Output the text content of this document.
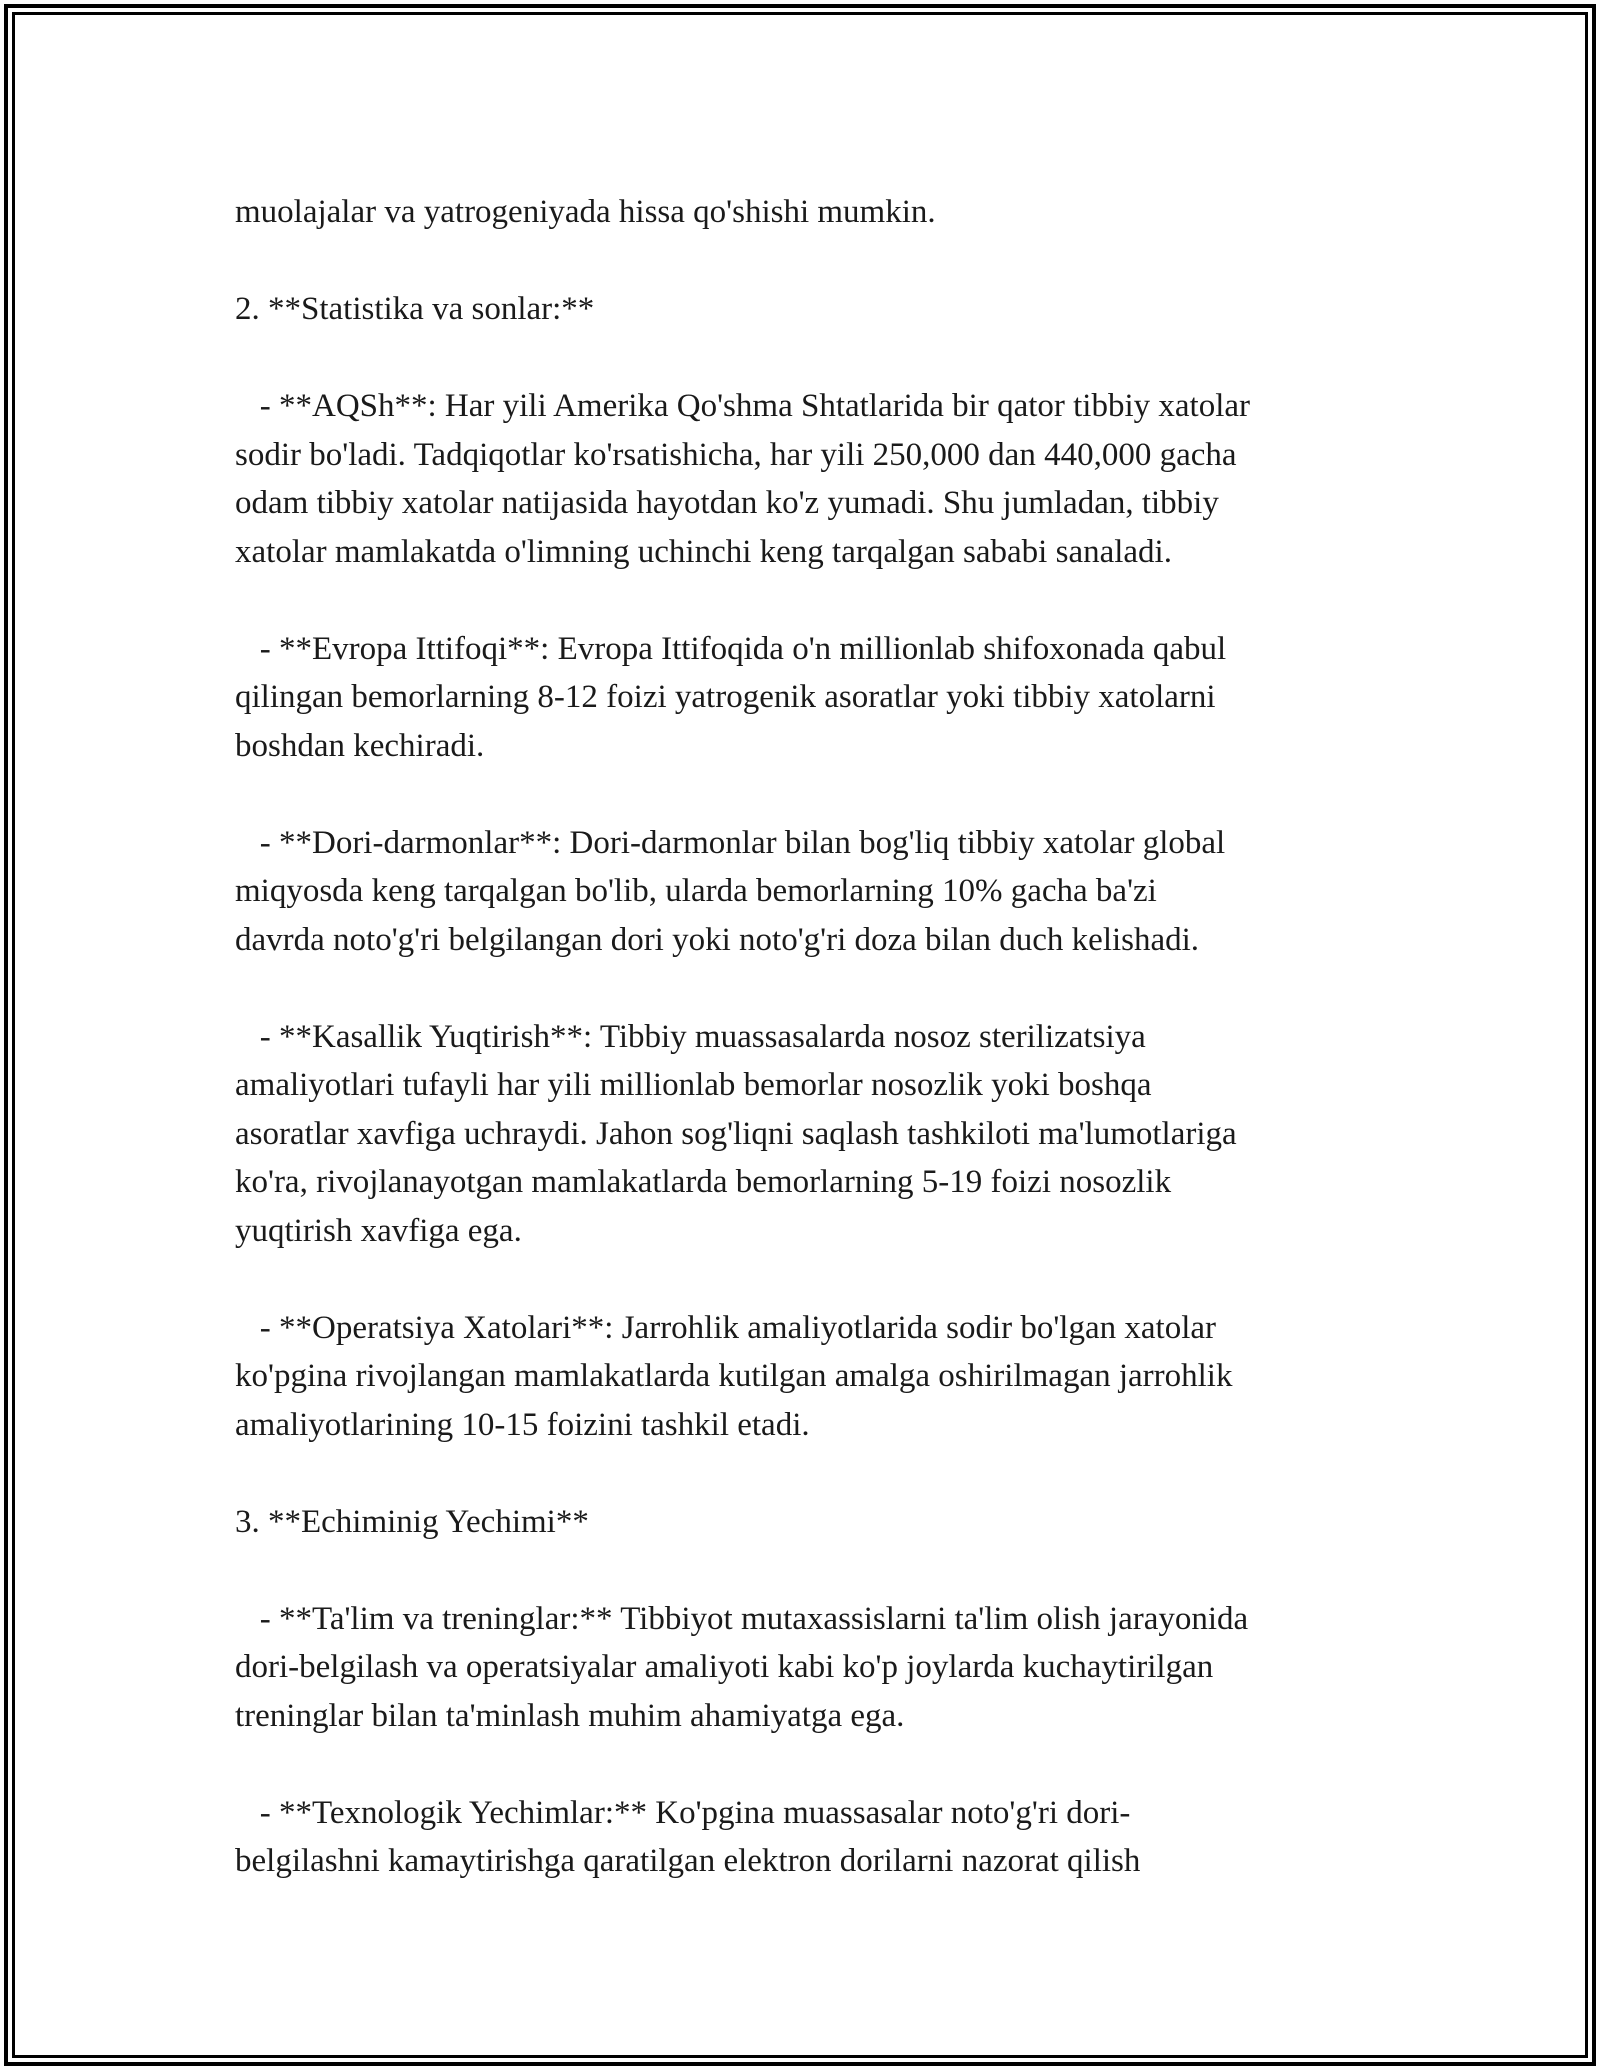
muolajalar va yatrogeniyada hissa qo'shishi mumkin.
2. **Statistika va sonlar:**
- **AQSh**: Har yili Amerika Qo'shma Shtatlarida bir qator tibbiy xatolar
sodir bo'ladi. Tadqiqotlar ko'rsatishicha, har yili 250,000 dan 440,000 gacha
odam tibbiy xatolar natijasida hayotdan ko'z yumadi. Shu jumladan, tibbiy
xatolar mamlakatda o'limning uchinchi keng tarqalgan sababi sanaladi.
- **Evropa Ittifoqi**: Evropa Ittifoqida o'n millionlab shifoxonada qabul
qilingan bemorlarning 8-12 foizi yatrogenik asoratlar yoki tibbiy xatolarni
boshdan kechiradi.
- **Dori-darmonlar**: Dori-darmonlar bilan bog'liq tibbiy xatolar global
miqyosda keng tarqalgan bo'lib, ularda bemorlarning 10% gacha ba'zi
davrda noto'g'ri belgilangan dori yoki noto'g'ri doza bilan duch kelishadi.
- **Kasallik Yuqtirish**: Tibbiy muassasalarda nosoz sterilizatsiya
amaliyotlari tufayli har yili millionlab bemorlar nosozlik yoki boshqa
asoratlar xavfiga uchraydi. Jahon sog'liqni saqlash tashkiloti ma'lumotlariga
ko'ra, rivojlanayotgan mamlakatlarda bemorlarning 5-19 foizi nosozlik
yuqtirish xavfiga ega.
- **Operatsiya Xatolari**: Jarrohlik amaliyotlarida sodir bo'lgan xatolar
ko'pgina rivojlangan mamlakatlarda kutilgan amalga oshirilmagan jarrohlik
amaliyotlarining 10-15 foizini tashkil etadi.
3. **Echiminig Yechimi**
- **Ta'lim va treninglar:** Tibbiyot mutaxassislarni ta'lim olish jarayonida
dori-belgilash va operatsiyalar amaliyoti kabi ko'p joylarda kuchaytirilgan
treninglar bilan ta'minlash muhim ahamiyatga ega.
- **Texnologik Yechimlar:** Ko'pgina muassasalar noto'g'ri dori-
belgilashni kamaytirishga qaratilgan elektron dorilarni nazorat qilish
